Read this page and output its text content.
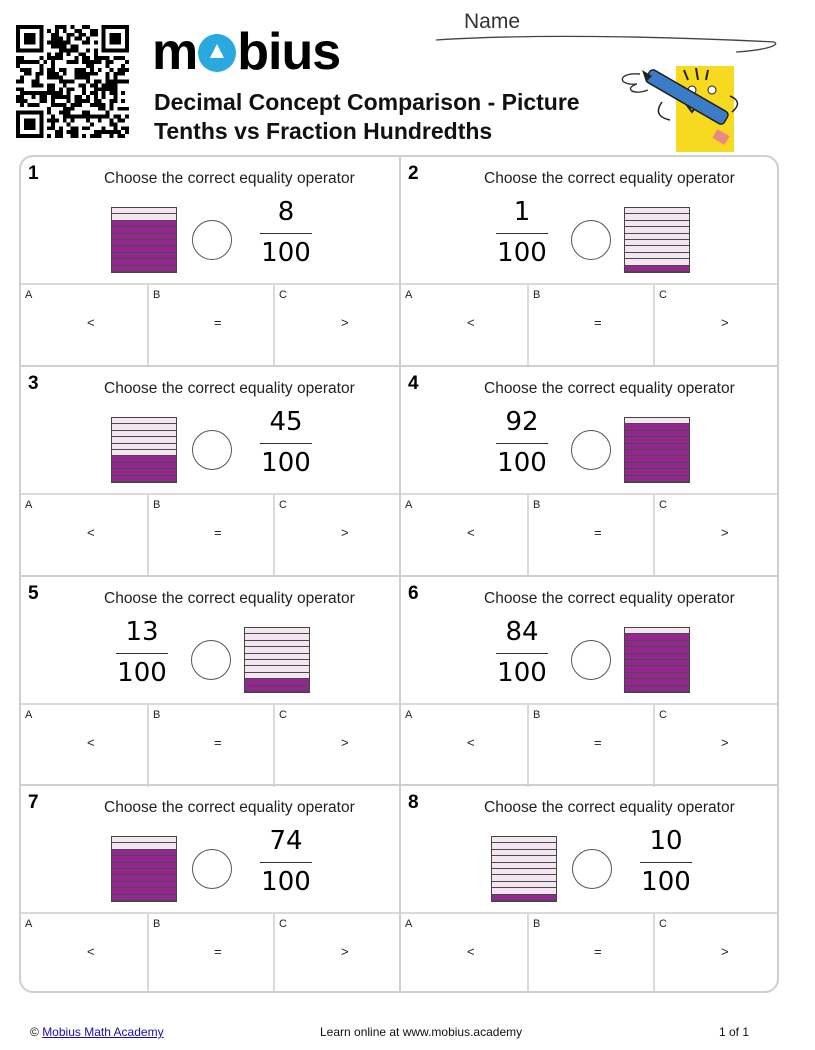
m bius
Decimal Concept Comparison - Picture
Tenths vs Fraction Hundredths
Name
1	Choose the correct equality operator
8
100
A
<
B
=
C
>
2	Choose the correct equality operator
1
100
A
<
B
=
C
>
3	Choose the correct equality operator
45
100
A
<
B
=
C
>
4	Choose the correct equality operator
92
100
A
<
B
=
C
>
5	Choose the correct equality operator
13
100
A
<
B
=
C
>
6	Choose the correct equality operator
84
100
A
<
B
=
C
>
7	Choose the correct equality operator
74
100
A
<
B
=
C
>
8	Choose the correct equality operator
10
100
A
<
B
=
C
>
© Mobius Math Academy	Learn online at www.mobius.academy	1 of 1
